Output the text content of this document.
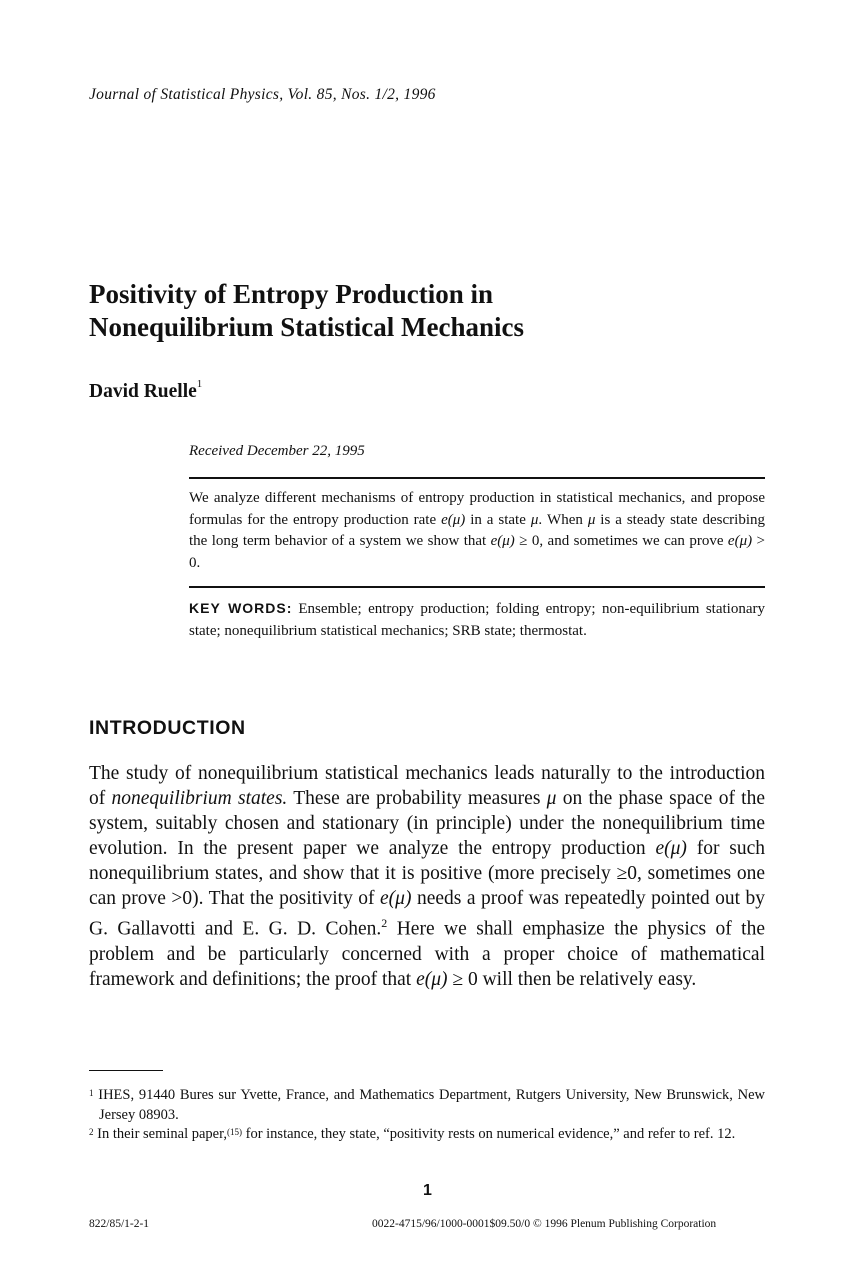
Journal of Statistical Physics, Vol. 85, Nos. 1/2, 1996
Positivity of Entropy Production in
Nonequilibrium Statistical Mechanics
David Ruelle$^1$
Received December 22, 1995
We analyze different mechanisms of entropy production in statistical mechanics, and propose formulas for the entropy production rate e(μ) in a state μ. When μ is a steady state describing the long term behavior of a system we show that e(μ) ≥ 0, and sometimes we can prove e(μ) > 0.
KEY WORDS: Ensemble; entropy production; folding entropy; non-equilibrium stationary state; nonequilibrium statistical mechanics; SRB state; thermostat.
INTRODUCTION
The study of nonequilibrium statistical mechanics leads naturally to the introduction of nonequilibrium states. These are probability measures μ on the phase space of the system, suitably chosen and stationary (in principle) under the nonequilibrium time evolution. In the present paper we analyze the entropy production e(μ) for such nonequilibrium states, and show that it is positive (more precisely ≥0, sometimes one can prove >0). That the positivity of e(μ) needs a proof was repeatedly pointed out by G. Gallavotti and E. G. D. Cohen.$^2$ Here we shall emphasize the physics of the problem and be particularly concerned with a proper choice of mathematical framework and definitions; the proof that e(μ) ≥ 0 will then be relatively easy.
$^1$ IHES, 91440 Bures sur Yvette, France, and Mathematics Department, Rutgers University, New Brunswick, New Jersey 08903.
$^2$ In their seminal paper,$^{(15)}$ for instance, they state, “positivity rests on numerical evidence,” and refer to ref. 12.
1
822/85/1-2-1	0022-4715/96/1000-0001$09.50/0 © 1996 Plenum Publishing Corporation
